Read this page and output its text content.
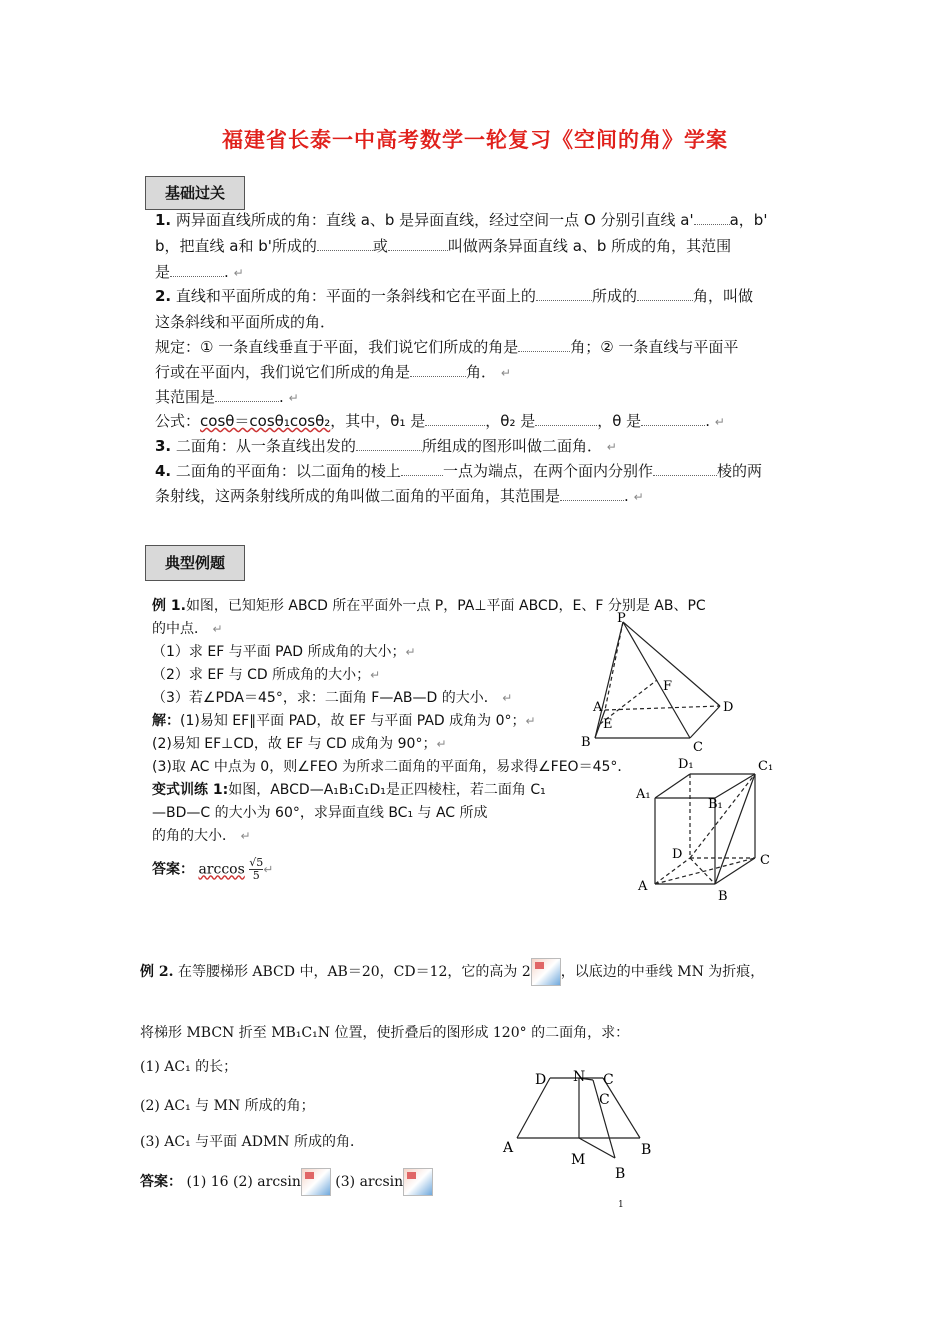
福建省长泰一中高考数学一轮复习《空间的角》学案
基础过关
1. 两异面直线所成的角：直线 a、b 是异面直线，经过空间一点 O 分别引直线 a' a，b'
b，把直线 a和 b'所成的	或	叫做两条异面直线 a、b 所成的角，其范围
是	. ↵
2. 直线和平面所成的角：平面的一条斜线和它在平面上的	所成的	角，叫做
这条斜线和平面所成的角．
规定：① 一条直线垂直于平面，我们说它们所成的角是	角；② 一条直线与平面平
行或在平面内，我们说它们所成的角是	角． ↵
其范围是	. ↵
公式：cosθ＝cosθ₁cosθ₂，其中，θ₁ 是	，θ₂ 是	，θ 是	. ↵
3. 二面角：从一条直线出发的	所组成的图形叫做二面角． ↵
4. 二面角的平面角：以二面角的棱上	一点为端点，在两个面内分别作	棱的两
条射线，这两条射线所成的角叫做二面角的平面角，其范围是	. ↵
典型例题
例 1.如图，已知矩形 ABCD 所在平面外一点 P，PA⊥平面 ABCD，E、F 分别是 AB、PC
的中点． ↵
（1）求 EF 与平面 PAD 所成角的大小；↵
（2）求 EF 与 CD 所成角的大小；↵
（3）若∠PDA＝45°，求：二面角 F—AB—D 的大小． ↵
解：(1)易知 EF∥平面 PAD，故 EF 与平面 PAD 成角为 0°；↵
(2)易知 EF⊥CD，故 EF 与 CD 成角为 90°；↵
(3)取 AC 中点为 0，则∠FEO 为所求二面角的平面角，易求得∠FEO＝45°．
变式训练 1:如图，ABCD—A₁B₁C₁D₁是正四棱柱，若二面角 C₁
—BD—C 的大小为 60°，求异面直线 BC₁ 与 AC 所成
的角的大小． ↵
答案： $\arccos \frac{√5}{5}$ ↵
P
F
A
E
D
B	C
D₁	C₁
A₁
B₁
D	C
A
B
例 2. 在等腰梯形 ABCD 中，AB＝20，CD＝12，它的高为 2 ，以底边的中垂线 MN 为折痕，
将梯形 MBCN 折至 MB₁C₁N 位置，使折叠后的图形成 120° 的二面角，求：
(1) AC₁ 的长；
(2) AC₁ 与 MN 所成的角；
(3) AC₁ 与平面 ADMN 所成的角．
答案： (1) 16 (2) arcsin (3) arcsin
D N C
C
A	B
M
B
1
